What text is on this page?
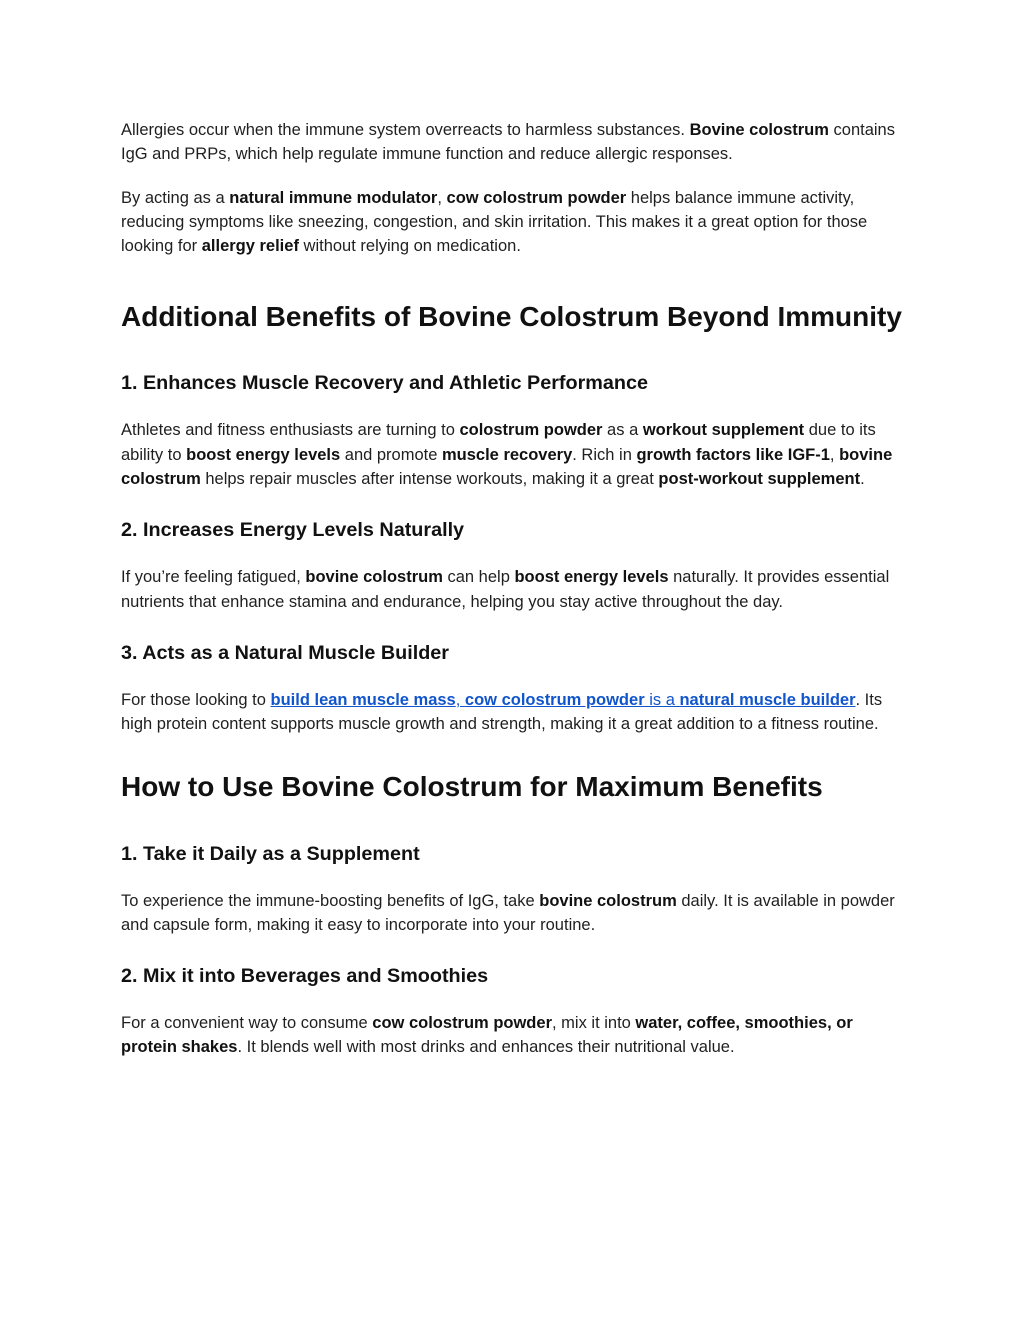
Allergies occur when the immune system overreacts to harmless substances. Bovine colostrum contains IgG and PRPs, which help regulate immune function and reduce allergic responses.

By acting as a natural immune modulator, cow colostrum powder helps balance immune activity, reducing symptoms like sneezing, congestion, and skin irritation. This makes it a great option for those looking for allergy relief without relying on medication.

Additional Benefits of Bovine Colostrum Beyond Immunity
1. Enhances Muscle Recovery and Athletic Performance

Athletes and fitness enthusiasts are turning to colostrum powder as a workout supplement due to its ability to boost energy levels and promote muscle recovery. Rich in growth factors like IGF-1, bovine colostrum helps repair muscles after intense workouts, making it a great post-workout supplement.

2. Increases Energy Levels Naturally

If you’re feeling fatigued, bovine colostrum can help boost energy levels naturally. It provides essential nutrients that enhance stamina and endurance, helping you stay active throughout the day.

3. Acts as a Natural Muscle Builder

For those looking to build lean muscle mass, cow colostrum powder is a natural muscle builder. Its high protein content supports muscle growth and strength, making it a great addition to a fitness routine.

How to Use Bovine Colostrum for Maximum Benefits
1. Take it Daily as a Supplement

To experience the immune-boosting benefits of IgG, take bovine colostrum daily. It is available in powder and capsule form, making it easy to incorporate into your routine.

2. Mix it into Beverages and Smoothies

For a convenient way to consume cow colostrum powder, mix it into water, coffee, smoothies, or protein shakes. It blends well with most drinks and enhances their nutritional value.
